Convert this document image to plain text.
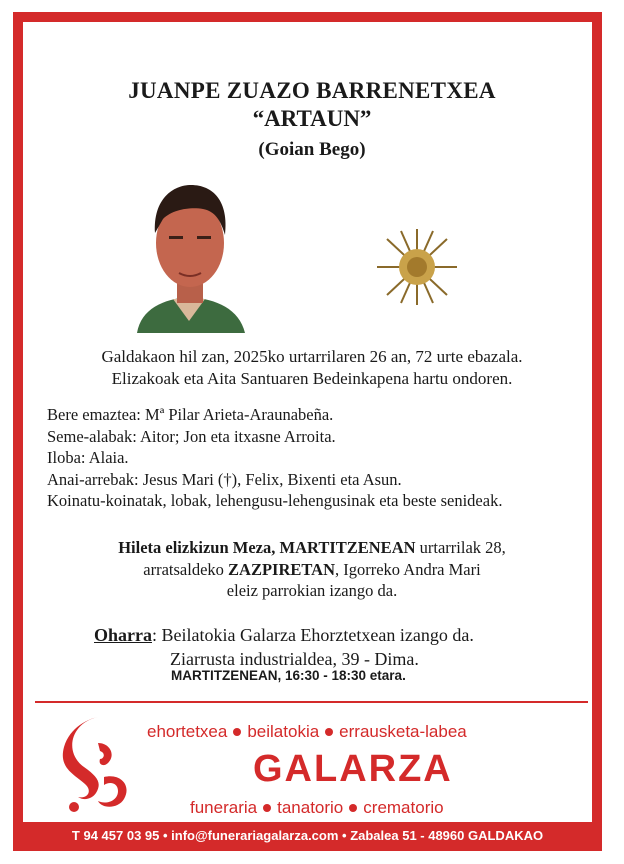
JUANPE ZUAZO BARRENETXEA
“ARTAUN”
(Goian Bego)
Galdakaon hil zan, 2025ko urtarrilaren 26 an, 72 urte ebazala.
Elizakoak eta Aita Santuaren Bedeinkapena hartu ondoren.
Bere emaztea: Mª Pilar Arieta-Araunabeña.
Seme-alabak: Aitor; Jon eta itxasne Arroita.
Iloba: Alaia.
Anai-arrebak: Jesus Mari (†), Felix, Bixenti eta Asun.
Koinatu-koinatak, lobak, lehengusu-lehengusinak eta beste senideak.
Hileta elizkizun Meza, MARTITZENEAN urtarrilak 28,
arratsaldeko ZAZPIRETAN, Igorreko Andra Mari
eleiz parrokian izango da.
Oharra: Beilatokia Galarza Ehorztetxean izango da.
Ziarrusta industrialdea, 39 - Dima.
MARTITZENEAN, 16:30 - 18:30 etara.
ehortetxea beilatokia errausketa-labea
GALARZA
funeraria tanatorio crematorio
T 94 457 03 95 • info@funerariagalarza.com • Zabalea 51 - 48960 GALDAKAO
